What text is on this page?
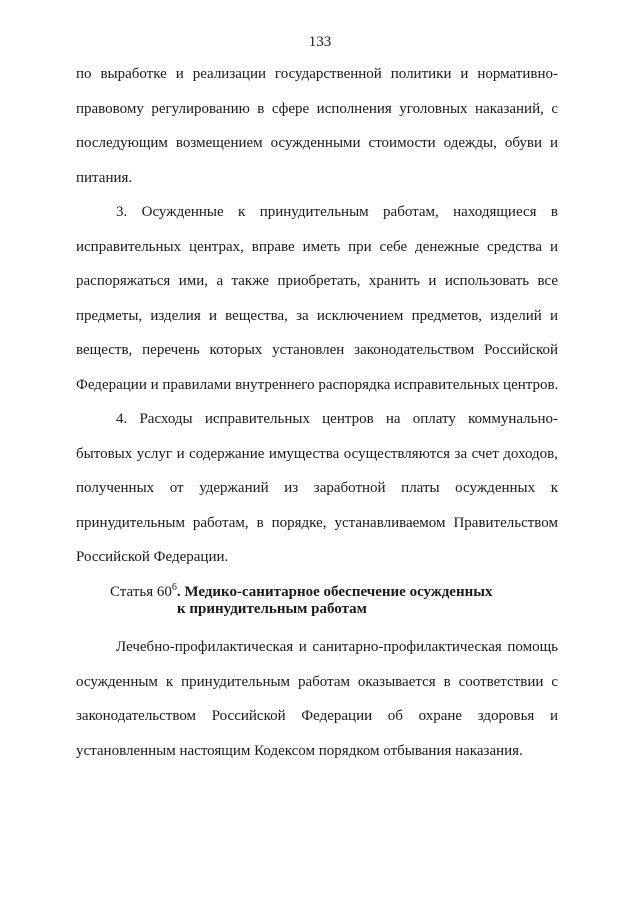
133
по выработке и реализации государственной политики и нормативно-
правовому регулированию в сфере исполнения уголовных наказаний, с
последующим возмещением осужденными стоимости одежды, обуви и
питания.
3. Осужденные к принудительным работам, находящиеся в
исправительных центрах, вправе иметь при себе денежные средства и
распоряжаться ими, а также приобретать, хранить и использовать все
предметы, изделия и вещества, за исключением предметов, изделий и
веществ, перечень которых установлен законодательством Российской
Федерации и правилами внутреннего распорядка исправительных центров.
4. Расходы исправительных центров на оплату коммунально-
бытовых услуг и содержание имущества осуществляются за счет доходов,
полученных от удержаний из заработной платы осужденных к
принудительным работам, в порядке, устанавливаемом Правительством
Российской Федерации.
Статья $60^6$. Медико-санитарное обеспечение осужденных
к принудительным работам
Лечебно-профилактическая и санитарно-профилактическая помощь
осужденным к принудительным работам оказывается в соответствии с
законодательством Российской Федерации об охране здоровья и
установленным настоящим Кодексом порядком отбывания наказания.
